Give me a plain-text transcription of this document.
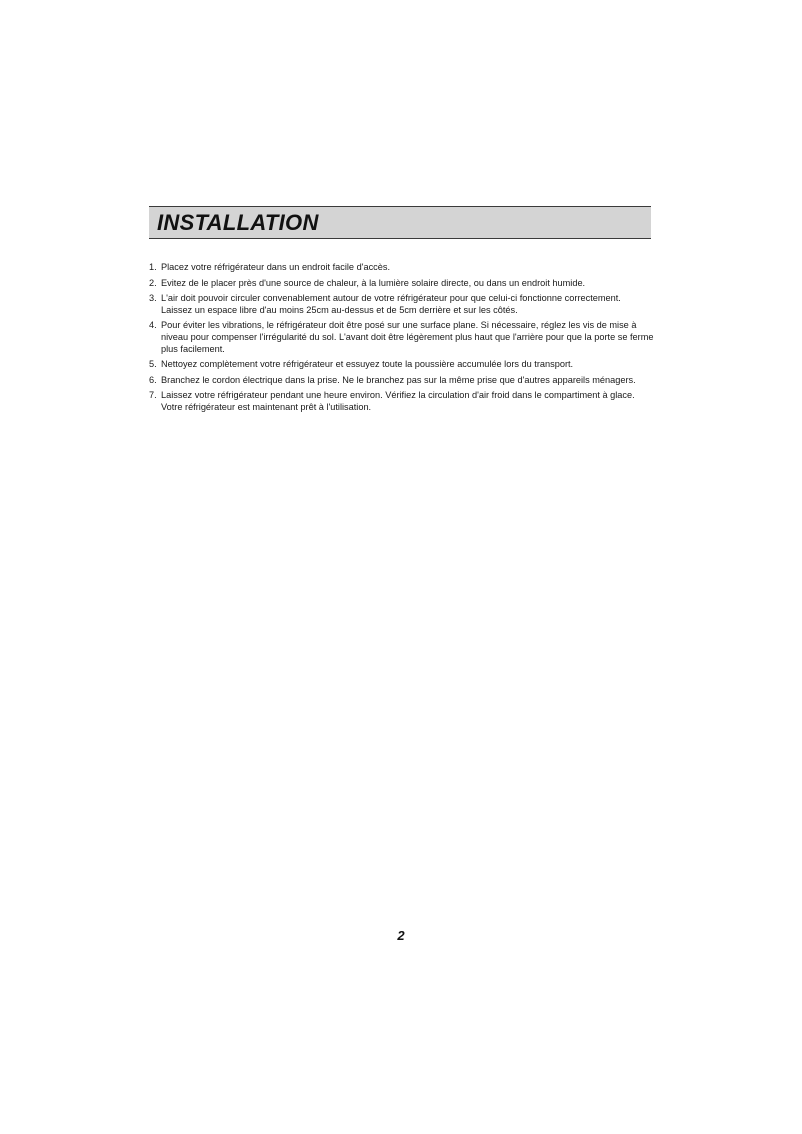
INSTALLATION
1. Placez votre réfrigérateur dans un endroit facile d'accès.
2. Evitez de le placer près d'une source de chaleur, à la lumière solaire directe, ou dans un endroit humide.
3. L'air doit pouvoir circuler convenablement autour de votre réfrigérateur pour que celui-ci fonctionne correctement. Laissez un espace libre d'au moins 25cm au-dessus et de 5cm derrière et sur les côtés.
4. Pour éviter les vibrations, le réfrigérateur doit être posé sur une surface plane. Si nécessaire, réglez les vis de mise à niveau pour compenser l'irrégularité du sol. L'avant doit être légèrement plus haut que l'arrière pour que la porte se ferme plus facilement.
5. Nettoyez complètement votre réfrigérateur et essuyez toute la poussière accumulée lors du transport.
6. Branchez le cordon électrique dans la prise. Ne le branchez pas sur la même prise que d'autres appareils ménagers.
7. Laissez votre réfrigérateur pendant une heure environ. Vérifiez la circulation d'air froid dans le compartiment à glace. Votre réfrigérateur est maintenant prêt à l'utilisation.
2
